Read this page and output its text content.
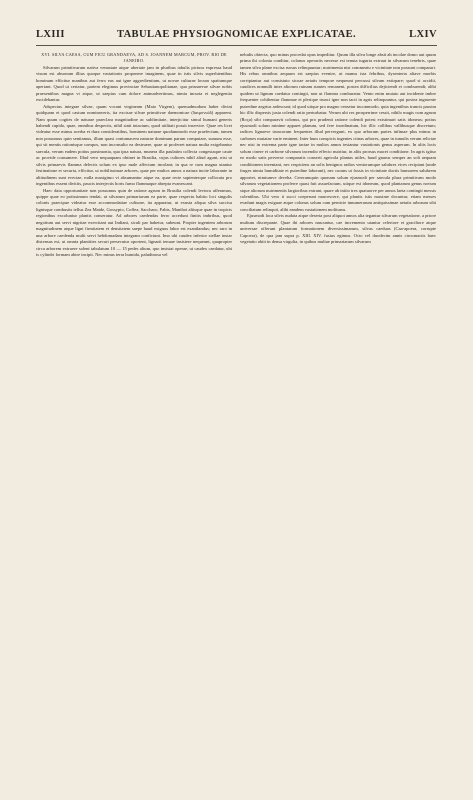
LXIII	TABULAE PHYSIOGNOMICAE EXPLICATAE.	LXIV

XVI. SILVA CAESA, CUM FICU GRANDAEVA, AD S. JOANNEM MARCUM, PROV. RIO DE JANEIRO.

Silvarum primitivarum nativa venustate atque ubertate jam in pluribus tabulis pictura expressa haud visum est absonum illius quoque vastationis proponere imaginem, quae in istis silvis superhientibus hominum efficitur manibus aut ferro eas aut igne aggredientium, ut novae culturae locum spatiumque aperiant. Quod ut certatur, partem elegimus provinciae Sebastianopolitanae, qua prisnaevae silvae nobis praesentibus magna vi atque, ut saepius cum dolore animadvertimus, nimia incuria et neglegentia excidebantur.

Adspectus integrae silvae, quam vocant virgineam (Mato Virgem), quemadmodum haber divini quidquam et quod castum nominaveris, ita excisae silvae primitivae daemonicae (δαιμονιώδ) apparent. Nam quum cogites de naturae praeclara magnitudine ac sublimitate, interjicitur simul humani generis habendi cupido, quae, omnibus despectis, nihil sinit intactum, quod utilitati possit inservire. Quae res licet videatur esse minus acerba et dura consideratibus, hominem naturae quodammodo esse praefectum, tamen non possumus quin sentiamus, illum quasi contumacem naturae dominum parum computare, sumum esse, qui sit mentis rationisque compos, non inconsulto ea destruere, quae ut proferret natura multa exigebantur saecula, verum eadem potius parsimonia, qua ipsa natura, munera illa paulatim collecta congestaque caute ac provide consumere. Illud vero nequaquam obtinet in Brasilia, cujus cultores nihil aliud agunt, nisi ut silvis primaevis flamma delectis solum ex ipso male affectum incolant; in qua re cum magna utantur festinatione et securia, efficitur, ut nobilissimae arbores, quae per multos annos a natura incite laborante in altitudinem sunt evectae, nulla maxigimo vi absumantur atque ea, quae recte sapienterque collocata pro ingentibus essent divitiis, paucis interjectis horis fumo flammaque abrepta evanescant.

Haec data opportunitate non possumus quin de ratione agrum in Brasilia colendi leviora afferamus, quippe quae eo potissimum tendat, ut silvarum primariarum ea parte, quae respectu habito loci singulis colonis praecipue videatur esse accommodatiae culturae, ita apparatur, ut exusta aliqua silva succisa lignisque combustis tellus Zea Maide, Gossypio, Coffea, Saccharo, Fabis, Manihot aliisque quae in tropicis regionibus excoluntur plantis conseratur. Ad arbores caedendas ferro accedunt finitis imbribus, quod negotium aut servi nigritae exercitant aut Indiani, siculi par habetur, subeunt. Propter ingentem arborum magnitudinem atque ligni firmitatem et densitatem saepe haud exiguus labor est exantlandus; nec raro in una arbore caedenda multi servi hebdomadam integram conficiunt. Imo ubi caudex inferior stellae instar distensus est, ut omnia plantities securi persecutur oportent, lignarii tenuae insistere nequeunt, quapropter circa arborem extruere solent tabulatum 10 — 15 pedes altum, quo insistat operae, ut caudex caedatur, ubi is cylindri formam abire incipit. Nec minus terra humida, paludinosa vel

nebulis obtecta, quo minus procedat opus impeditur. Quum illa silva longe absit ab incolae domo aut quum prima ibi colonia conditur, colonus operariis necesse est tenuia tuguria extruat in silvarum tenebris, quae tamen silva plane excisa rursus relinquuntur; nutrimenta nisi commeatu e vicinitate non possunt comparari. His rebus omnibus aequum est saepius evenire, ut manus ista febribus, dysenteria aliave morbis corripiantur aut consistuto sicoae aetatis tempore nequeunt percussi silvam extirpare; quod si accidit, caudices nonnulli inter aliorum ruinam stantes remanent, postea difficilius dejiciendi et comburendi; alibi quidem ut lignum caedatur contingit, non ut flamma comburatur. Vento enim mutato aut incidente imbre frequenter cohibentur flammae et plerique trunci igne non tacti in agris relinquuntur, qui postea ingruente putredine aegrius ardescunt; id quod utique pro magno censetur incommodo, quia ingentibus truncis passim hic illic dispersis justa colendi ratio perturbatur. Verum ubi res prosperrime cessit, nihilo magis cum agrum (Roça) sibi comparavit colonus, qui pro prudenti ratione colendi potest existimari satis idoneus; potius ejusmodi solum minime apparet planum, sed fere inordinatum, hic illic collibus vallibusque discretum; radices lignaeve truncorum frequentes illud pervergunt, ex quo arborum partes infimae plus minus in carbones mutatae varie eminent. Inter hum conspicis ingentes ciinas arbores, quae in tumulis verum relictae nec nisi in extrema parte igne tactae in multos annos testantur vastationis genus asperum. In aliis locis solum cinere et carbone silvarum incendio effecto nutritur, in aliis prorsus macet conditione. In agris igitur eo modo satis perverse comparatis conserit agricola plantas utiles, haud gnarus semper an soli aequam conditionem inveniant, nec respiciens an solis benignos radios ventorumque salubres vices recipiant (unde fruges nimia humiditate et putredine laborant), nec curans ut fossis in vicinitate ductis humorem salubrem apportet, nimiumve deveha. Cererumquin quonam solum ejusmodi per saecula plura primitivam modo silvarum vegetationem proferre quasi fuit assuefactum, utique est idoneum, quod plantarum genus novum sique aliorum nutrimentis largioribus extrant, quare ab initio tres quatuorve per annos laeta contingit messis colentibus. Ubi vero ii succi coeperunt marcescere, qui plantis istis maxime docuntur, etiam messes evadunt magis exiguae atque colonus solum cum pernicie innumerarum antiquissimae aetatis arborum sibi conciliatum relinquit, alibi eandem vastationem moliturus.

Ejusmodi loca silvis nudata atque deserta post aliquot annos alia tegantur silvarum vegetatione, a priore multum discrepante. Quae ibi arbores nascuntur, cae incremento utantur celeriore et graciliore atque universae offerunt plantarum formationem diversissimarum, silvas caeduas (Caa-apoera, corrupte Capoera), de qua jam supra p. XIII. XIV. fusius egimus. Octo vel duodecim annis circumactis haec vegetatio abiit in densa virgulta, in quibus multae primariarum silvarum
